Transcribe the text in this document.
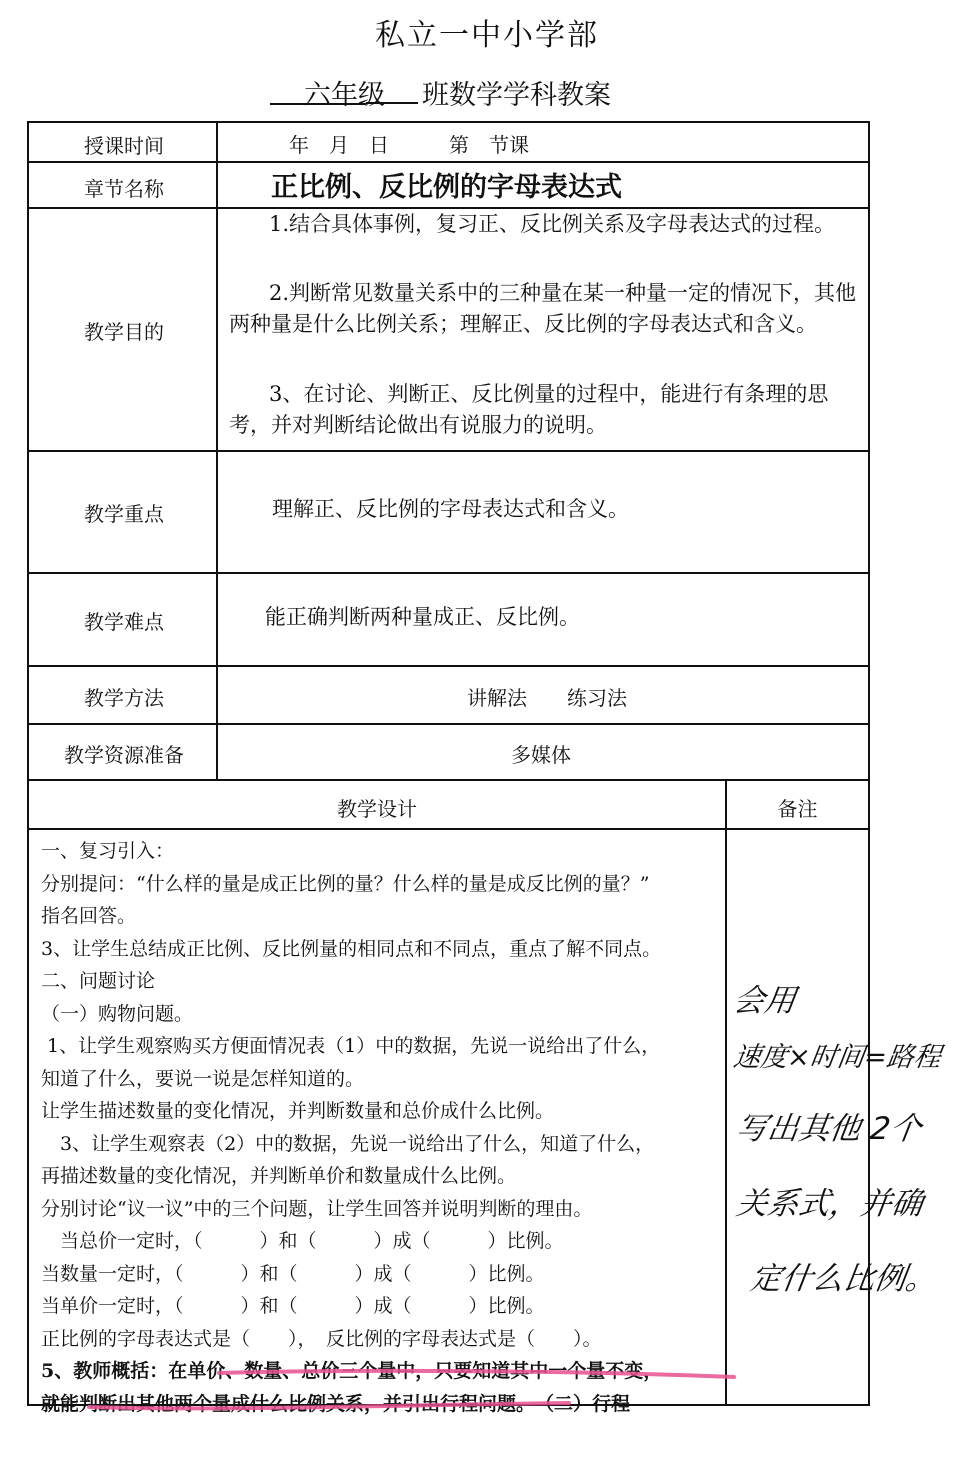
私立一中小学部
六年级 班数学学科教案
授课时间	年　月　日　　　第　节课
章节名称	正比例、反比例的字母表达式
教学目的
1.结合具体事例，复习正、反比例关系及字母表达式的过程。
2.判断常见数量关系中的三种量在某一种量一定的情况下，其他两种量是什么比例关系；理解正、反比例的字母表达式和含义。
3、在讨论、判断正、反比例量的过程中，能进行有条理的思考，并对判断结论做出有说服力的说明。
教学重点	理解正、反比例的字母表达式和含义。
教学难点	能正确判断两种量成正、反比例。
教学方法	讲解法　　练习法
教学资源准备	多媒体
教学设计	备注
一、复习引入：
分别提问：“什么样的量是成正比例的量？什么样的量是成反比例的量？”
指名回答。
3、让学生总结成正比例、反比例量的相同点和不同点，重点了解不同点。
二、问题讨论
（一）购物问题。
1、让学生观察购买方便面情况表（1）中的数据，先说一说给出了什么，
知道了什么，要说一说是怎样知道的。
让学生描述数量的变化情况，并判断数量和总价成什么比例。
　3、让学生观察表（2）中的数据，先说一说给出了什么，知道了什么，
再描述数量的变化情况，并判断单价和数量成什么比例。
分别讨论“议一议”中的三个问题，让学生回答并说明判断的理由。
　当总价一定时，（　　　）和（　　　）成（　　　）比例。
当数量一定时，（　　　）和（　　　）成（　　　）比例。
当单价一定时，（　　　）和（　　　）成（　　　）比例。
正比例的字母表达式是（　　），　反比例的字母表达式是（　　）。
5、教师概括：在单价、数量、总价三个量中，只要知道其中一个量不变，
就能判断出其他两个量成什么比例关系，并引出行程问题。　（二）行程
会用
速度×时间=路程
写出其他 2个
关系式，并确
定什么比例。
